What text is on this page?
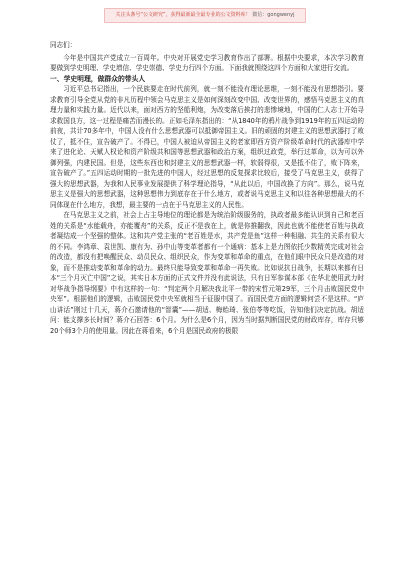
关注头条号“公文研究”，获得最新最全最专业的公文资料库！ 微信：gongwenyj

同志们：

今年是中国共产党成立一百周年。中央对开展党史学习教育作出了部署。根据中央要求，本次学习教育要做到学史明理、学史增信、学史崇德、学史力行四个方面。下面我就围绕这四个方面和大家进行交流。

一、学史明理，做群众的带头人

习近平总书记指出，一个民族要走在时代前列，就一刻不能没有理论思维，一刻不能没有思想指引。要求教育引导全党从党的非凡历程中领会马克思主义是如何深刻改变中国、改变世界的，感悟马克思主义的真理力量和实践力量。近代以来，面对西方的坚船利炮，为改变落后挨打的悲惨境地，中国的仁人志士开始寻求救国良方，这一过程是痛苦而漫长的。正如毛泽东指出的：“从1840年的鸦片战争到1919年的五四运动的前夜，共计70多年中，中国人没有什么思想武器可以抵御帝国主义。旧的顽固的封建主义的思想武器打了败仗了，抵不住，宣告破产了。不得已，中国人被迫从帝国主义的老家即西方资产阶级革命时代的武器库中学来了进化论、天赋人权论和资产阶级共和国等思想武器和政治方案，组织过政党，举行过革命，以为可以外御列强，内建民国。但是，这些东西也和封建主义的思想武器一样，软弱得很，又是抵不住了，败下阵来，宣告破产了。”五四运动时期的一批先进的中国人，经过思想的反复探求比较后，接受了马克思主义，获得了强大的思想武器，为我和人民事业发展提供了科学理论指导，“从此以后，中国改换了方向”。那么，说马克思主义是强大的思想武器，这种思想伟力到底存在于什么地方，或者说马克思主义和以往各种思想最大的不同体现在什么地方，我想，最主要的一点在于马克思主义的人民性。

在马克思主义之前，社会上占主导地位的理论都是为统治阶级服务的，执政者最多能认识到自己和老百姓的关系是“水能载舟，亦能覆舟”的关系，反正不是我在上，就是你推翻我，因此也就不能使老百姓与执政者凝结成一个坚强的整体。这和共产党主张的“老百姓是水，共产党是鱼”这样一种相融、共生的关系有很大的不同。李鸿章、袁世凯、康有为、孙中山等变革者都有一个通病：基本上是力图依托少数精英完成对社会的改造，都没有把唤醒民众、动员民众、组织民众，作为变革和革命的重点，在他们眼中民众只是改造的对象，而不是推动变革和革命的动力。最终只能导致变革和革命一再失败。比如说抗日战争，长期以来都有日本“三个月灭亡中国”之说，其实日本方面的正式文件并没有此说法，只有日军参谋本部《在华北使用武力时对华战争指导纲要》中有这样的一句：“判定两个月解决我北平一带的宋哲元第29军，三个月击败国民党中央军”。根据他们的逻辑，击败国民党中央军就相当于征服中国了。而国民党方面的逻辑何尝不是这样。“庐山讲话”刚过十几天，蒋介石邀请他的“智囊”——胡适、梅贻琦、张伯苓等吃饭，告知他们决定抗战。胡适问：能支撑多长时间？蒋介石回答：6个月。为什么是6个月，因为当时据判断国民党的财政库存，库存只够20个师3个月的使用量。因此在蒋看来，6个月是国民政府的极限
